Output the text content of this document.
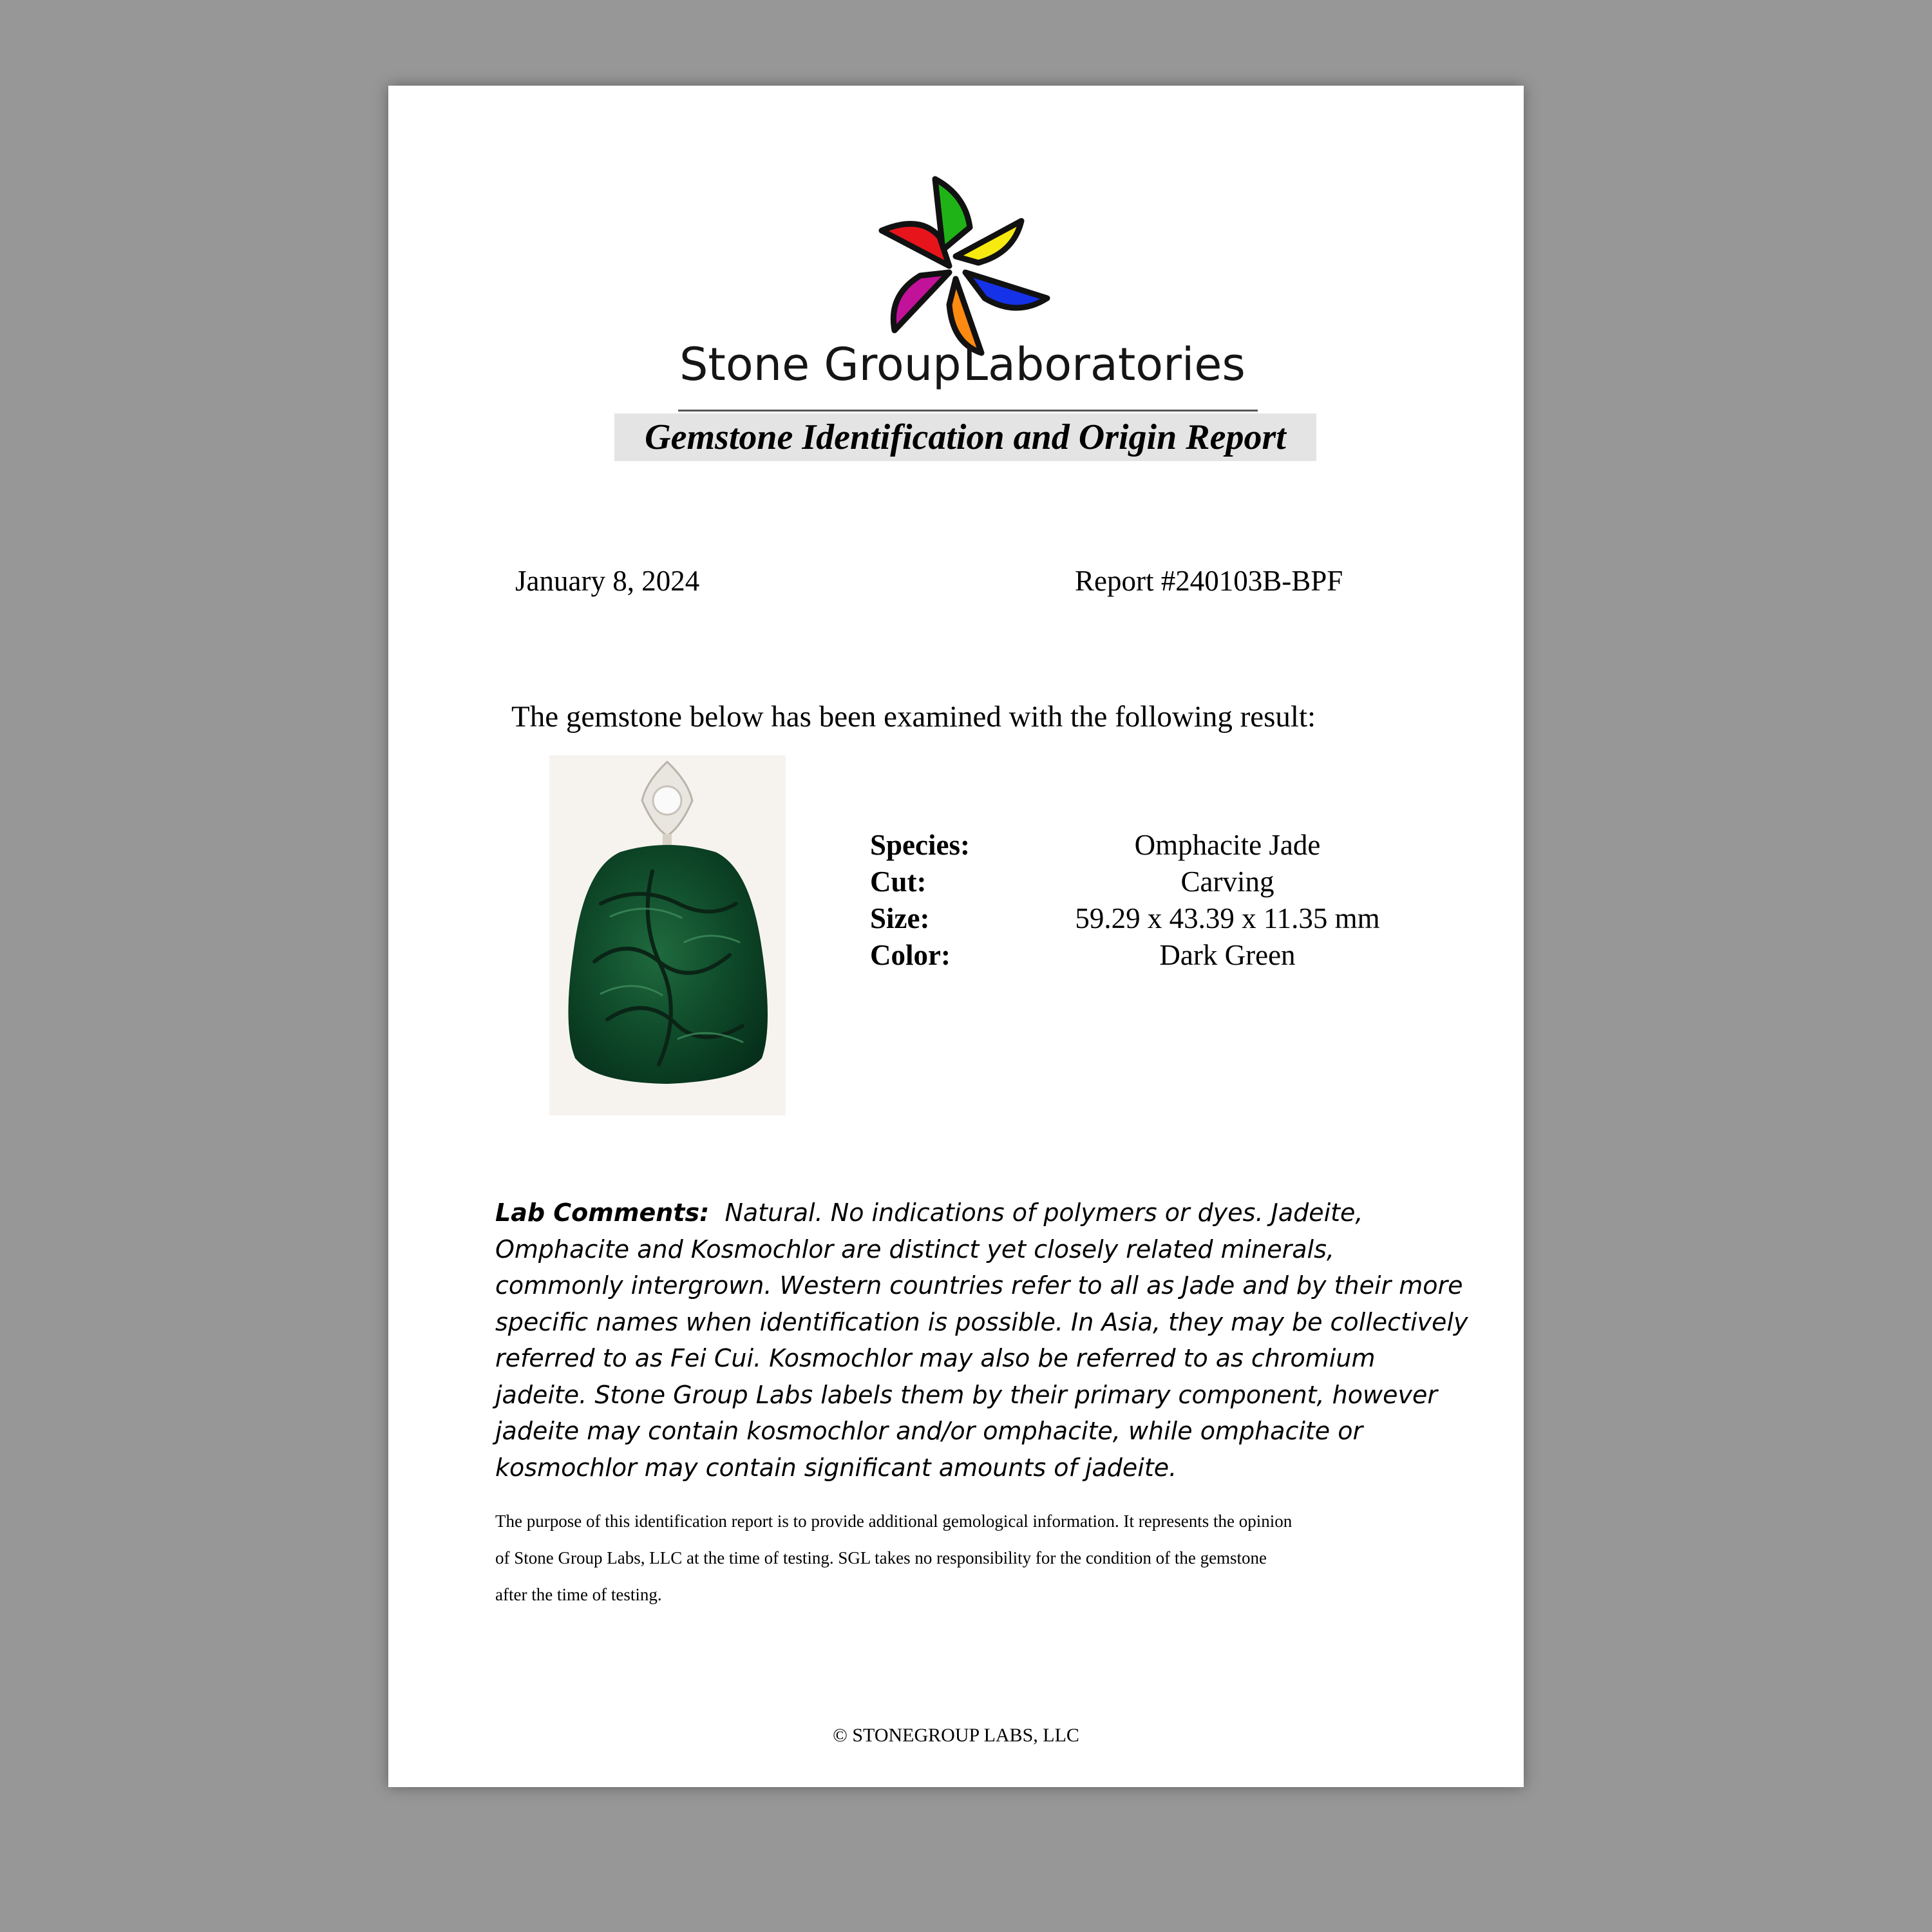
Stone Group Laboratories
Gemstone Identification and Origin Report
January 8, 2024	Report #240103B-BPF
The gemstone below has been examined with the following result:
Species:	Omphacite Jade
Cut:	Carving
Size:	59.29 x 43.39 x 11.35 mm
Color:	Dark Green
Lab Comments: Natural. No indications of polymers or dyes. Jadeite,
Omphacite and Kosmochlor are distinct yet closely related minerals,
commonly intergrown. Western countries refer to all as Jade and by their more
specific names when identification is possible. In Asia, they may be collectively
referred to as Fei Cui. Kosmochlor may also be referred to as chromium
jadeite. Stone Group Labs labels them by their primary component, however
jadeite may contain kosmochlor and/or omphacite, while omphacite or
kosmochlor may contain significant amounts of jadeite.
The purpose of this identification report is to provide additional gemological information. It represents the opinion
of Stone Group Labs, LLC at the time of testing. SGL takes no responsibility for the condition of the gemstone
after the time of testing.
© STONEGROUP LABS, LLC
